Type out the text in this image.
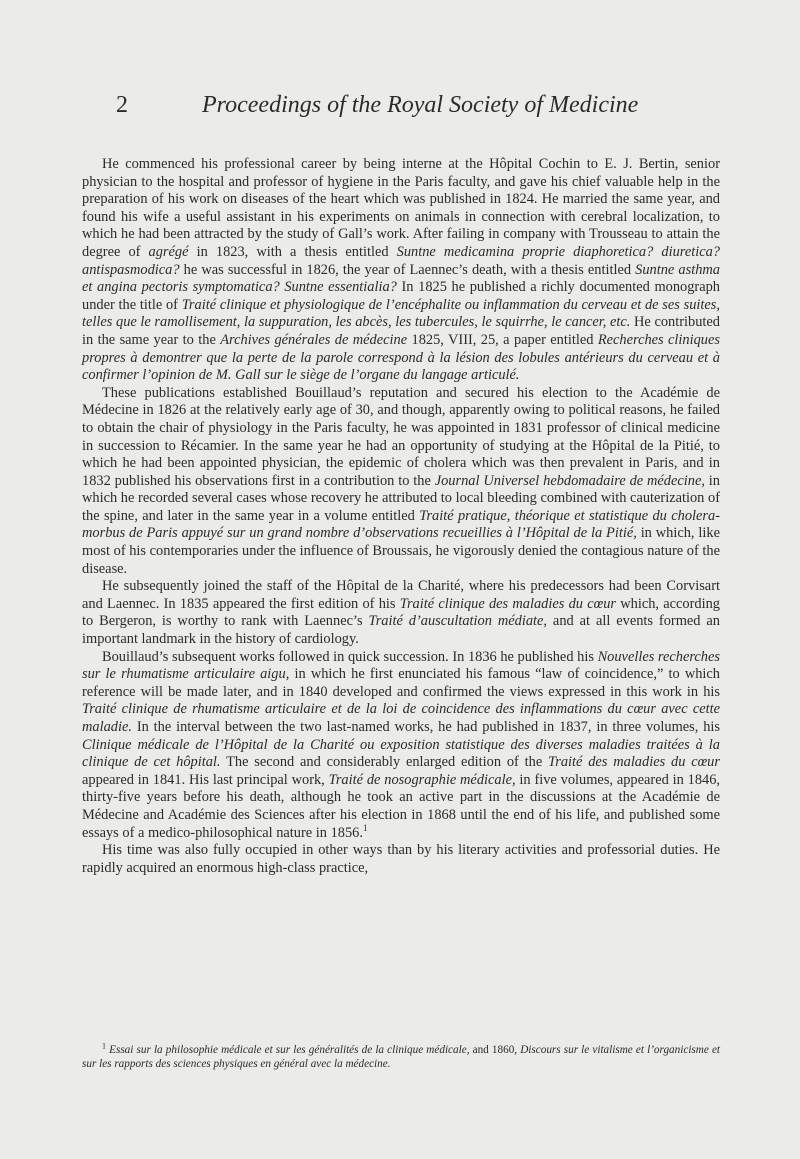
2	Proceedings of the Royal Society of Medicine

He commenced his professional career by being interne at the Hôpital Cochin to E. J. Bertin, senior physician to the hospital and professor of hygiene in the Paris faculty, and gave his chief valuable help in the preparation of his work on diseases of the heart which was published in 1824. He married the same year, and found his wife a useful assistant in his experiments on animals in connection with cerebral localization, to which he had been attracted by the study of Gall’s work. After failing in company with Trousseau to attain the degree of agrégé in 1823, with a thesis entitled Suntne medicamina proprie diaphoretica? diuretica? antispasmodica? he was successful in 1826, the year of Laennec’s death, with a thesis entitled Suntne asthma et angina pectoris symptomatica? Suntne essentialia? In 1825 he published a richly documented monograph under the title of Traité clinique et physiologique de l’encéphalite ou inflammation du cerveau et de ses suites, telles que le ramollisement, la suppuration, les abcès, les tubercules, le squirrhe, le cancer, etc. He contributed in the same year to the Archives générales de médecine 1825, VIII, 25, a paper entitled Recherches cliniques propres à demontrer que la perte de la parole correspond à la lésion des lobules antérieurs du cerveau et à confirmer l’opinion de M. Gall sur le siège de l’organe du langage articulé.

These publications established Bouillaud’s reputation and secured his election to the Académie de Médecine in 1826 at the relatively early age of 30, and though, apparently owing to political reasons, he failed to obtain the chair of physiology in the Paris faculty, he was appointed in 1831 professor of clinical medicine in succession to Récamier. In the same year he had an opportunity of studying at the Hôpital de la Pitié, to which he had been appointed physician, the epidemic of cholera which was then prevalent in Paris, and in 1832 published his observations first in a contribution to the Journal Universel hebdomadaire de médecine, in which he recorded several cases whose recovery he attributed to local bleeding combined with cauterization of the spine, and later in the same year in a volume entitled Traité pratique, théorique et statistique du cholera-morbus de Paris appuyé sur un grand nombre d’observations recueillies à l’Hôpital de la Pitié, in which, like most of his contemporaries under the influence of Broussais, he vigorously denied the contagious nature of the disease.

He subsequently joined the staff of the Hôpital de la Charité, where his predecessors had been Corvisart and Laennec. In 1835 appeared the first edition of his Traité clinique des maladies du cœur which, according to Bergeron, is worthy to rank with Laennec’s Traité d’auscultation médiate, and at all events formed an important landmark in the history of cardiology.

Bouillaud’s subsequent works followed in quick succession. In 1836 he published his Nouvelles recherches sur le rhumatisme articulaire aigu, in which he first enunciated his famous “law of coincidence,” to which reference will be made later, and in 1840 developed and confirmed the views expressed in this work in his Traité clinique de rhumatisme articulaire et de la loi de coincidence des inflammations du cœur avec cette maladie. In the interval between the two last-named works, he had published in 1837, in three volumes, his Clinique médicale de l’Hôpital de la Charité ou exposition statistique des diverses maladies traitées à la clinique de cet hôpital. The second and considerably enlarged edition of the Traité des maladies du cœur appeared in 1841. His last principal work, Traité de nosographie médicale, in five volumes, appeared in 1846, thirty-five years before his death, although he took an active part in the discussions at the Académie de Médecine and Académie des Sciences after his election in 1868 until the end of his life, and published some essays of a medico-philosophical nature in 1856.$^1$

His time was also fully occupied in other ways than by his literary activities and professorial duties. He rapidly acquired an enormous high-class practice,

$^1$ Essai sur la philosophie médicale et sur les généralités de la clinique médicale, and 1860, Discours sur le vitalisme et l’organicisme et sur les rapports des sciences physiques en général avec la médecine.
